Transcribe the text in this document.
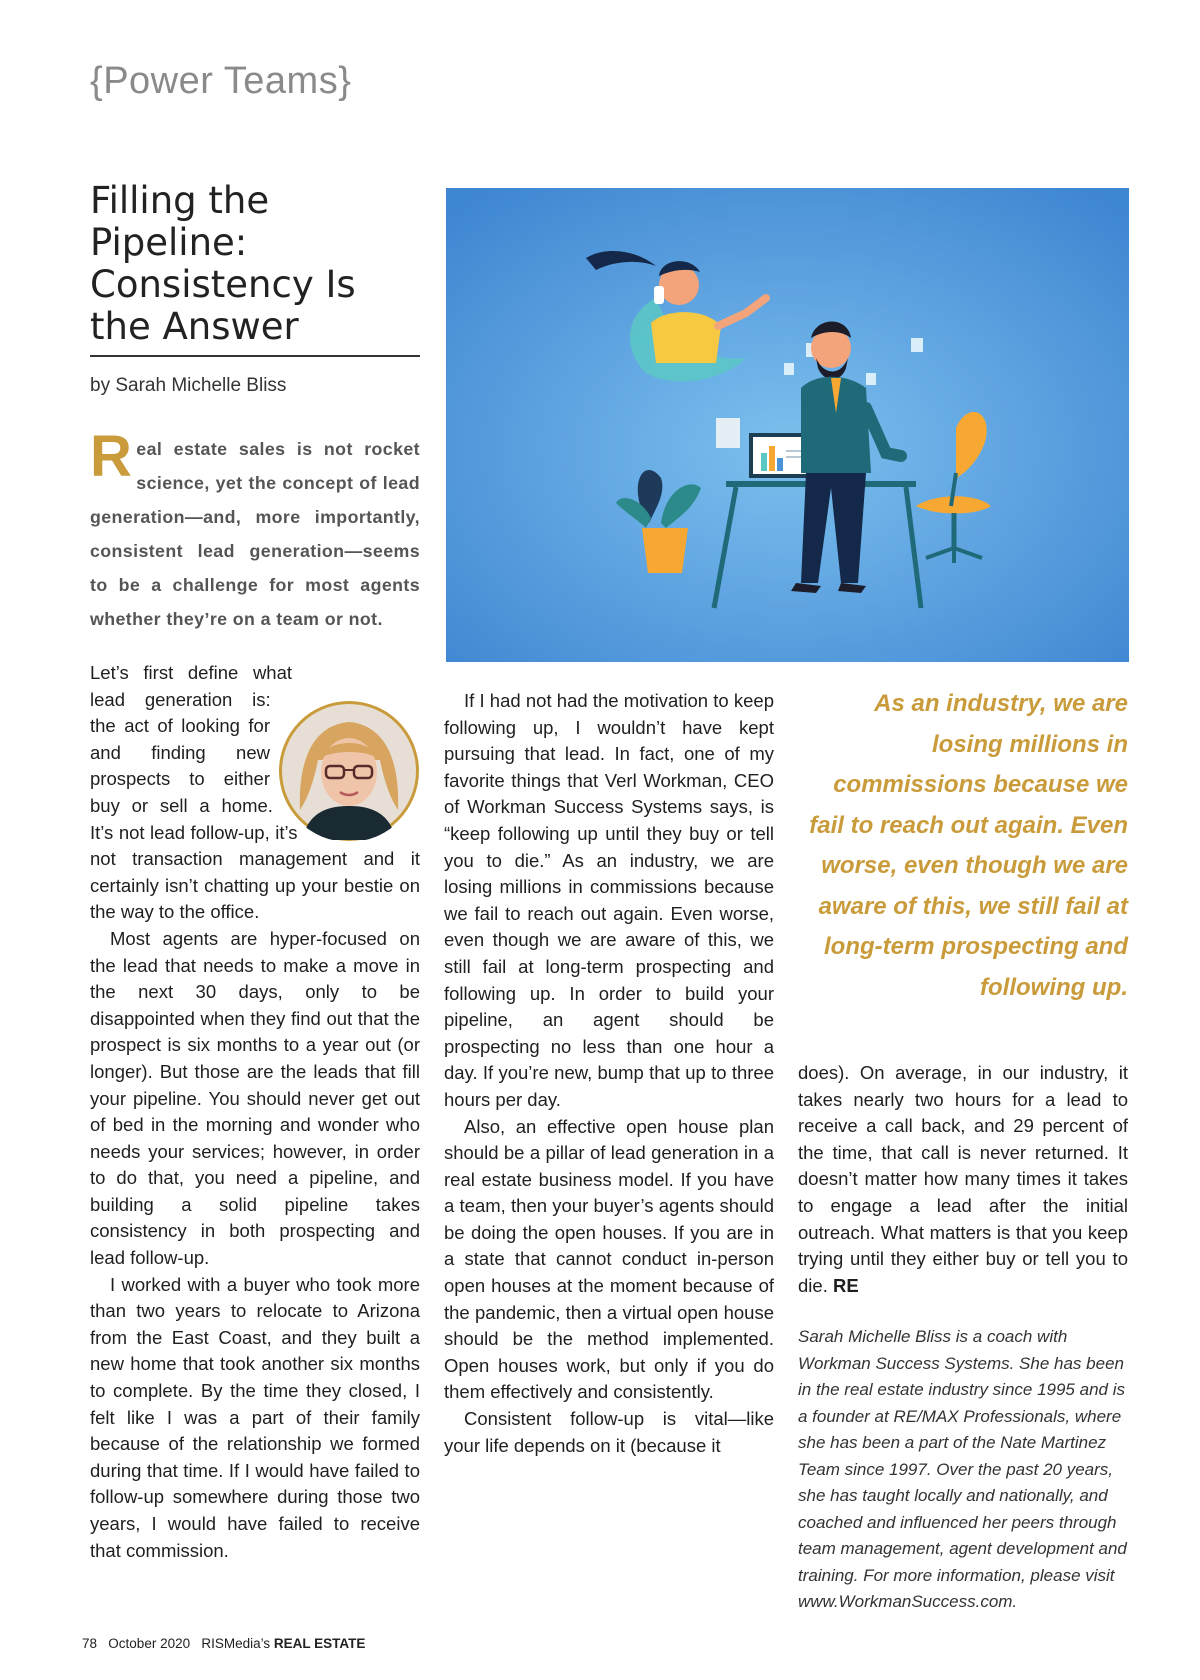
{Power Teams}
Filling the Pipeline: Consistency Is the Answer
by Sarah Michelle Bliss

Real estate sales is not rocket science, yet the concept of lead generation—and, more importantly, consistent lead generation—seems to be a challenge for most agents whether they’re on a team or not.

Let’s first define what lead generation is: the act of looking for and finding new prospects to either buy or sell a home. It’s not lead follow-up, it’s not transaction management and it certainly isn’t chatting up your bestie on the way to the office.

Most agents are hyper-focused on the lead that needs to make a move in the next 30 days, only to be disappointed when they find out that the prospect is six months to a year out (or longer). But those are the leads that fill your pipeline. You should never get out of bed in the morning and wonder who needs your services; however, in order to do that, you need a pipeline, and building a solid pipeline takes consistency in both prospecting and lead follow-up.

I worked with a buyer who took more than two years to relocate to Arizona from the East Coast, and they built a new home that took another six months to complete. By the time they closed, I felt like I was a part of their family because of the relationship we formed during that time. If I would have failed to follow-up somewhere during those two years, I would have failed to receive that commission.

If I had not had the motivation to keep following up, I wouldn’t have kept pursuing that lead. In fact, one of my favorite things that Verl Workman, CEO of Workman Success Systems says, is “keep following up until they buy or tell you to die.” As an industry, we are losing millions in commissions because we fail to reach out again. Even worse, even though we are aware of this, we still fail at long-term prospecting and following up. In order to build your pipeline, an agent should be prospecting no less than one hour a day. If you’re new, bump that up to three hours per day.

Also, an effective open house plan should be a pillar of lead generation in a real estate business model. If you have a team, then your buyer’s agents should be doing the open houses. If you are in a state that cannot conduct in-person open houses at the moment because of the pandemic, then a virtual open house should be the method implemented. Open houses work, but only if you do them effectively and consistently.

Consistent follow-up is vital—like your life depends on it (because it

As an industry, we are losing millions in commissions because we fail to reach out again. Even worse, even though we are aware of this, we still fail at long-term prospecting and following up.

does). On average, in our industry, it takes nearly two hours for a lead to receive a call back, and 29 percent of the time, that call is never returned. It doesn’t matter how many times it takes to engage a lead after the initial outreach. What matters is that you keep trying until they either buy or tell you to die. RE

Sarah Michelle Bliss is a coach with Workman Success Systems. She has been in the real estate industry since 1995 and is a founder at RE/MAX Professionals, where she has been a part of the Nate Martinez Team since 1997. Over the past 20 years, she has taught locally and nationally, and coached and influenced her peers through team management, agent development and training. For more information, please visit www.WorkmanSuccess.com.

78 October 2020 RISMedia’s REAL ESTATE
